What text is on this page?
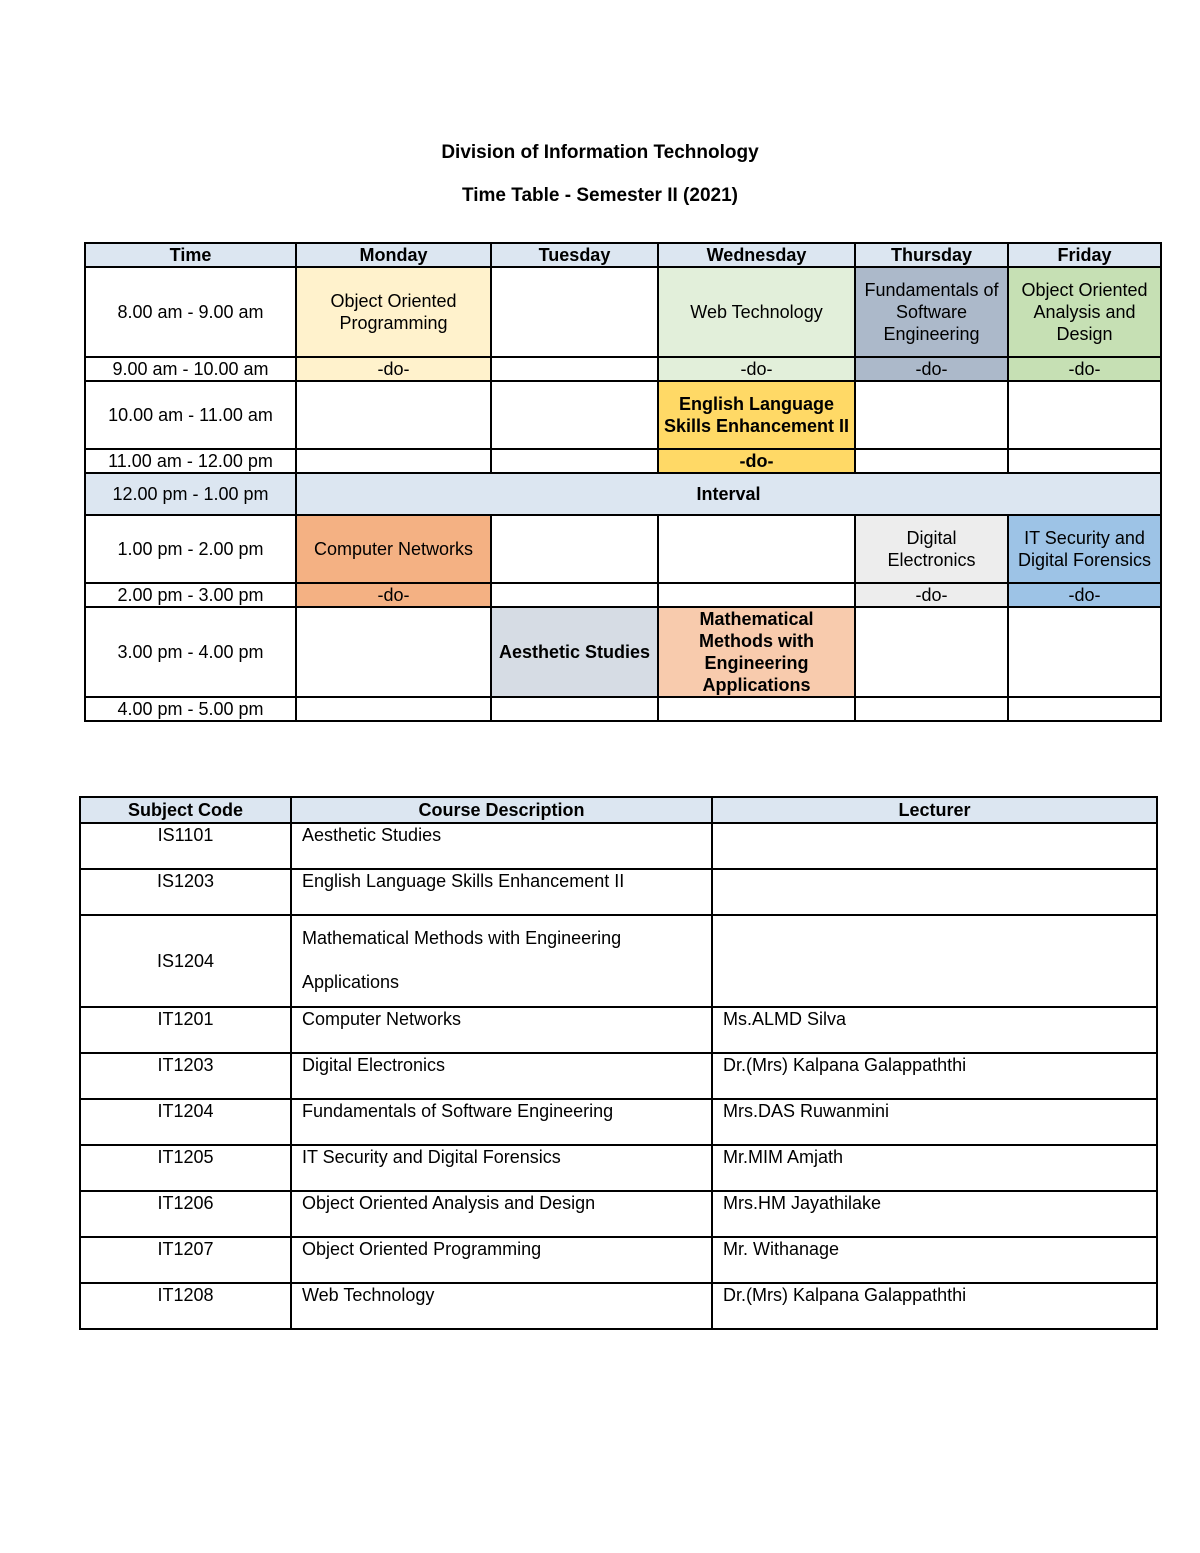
Division of Information Technology
Time Table - Semester II (2021)
Time	Monday	Tuesday	Wednesday	Thursday	Friday
8.00 am - 9.00 am	Object Oriented Programming		Web Technology	Fundamentals of Software Engineering	Object Oriented Analysis and Design
9.00 am - 10.00 am	-do-		-do-	-do-	-do-
10.00 am - 11.00 am			English Language Skills Enhancement II		
11.00 am - 12.00 pm			-do-		
12.00 pm - 1.00 pm	Interval				
1.00 pm - 2.00 pm	Computer Networks			Digital Electronics	IT Security and Digital Forensics
2.00 pm - 3.00 pm	-do-			-do-	-do-
3.00 pm - 4.00 pm		Aesthetic Studies	Mathematical Methods with Engineering Applications		
4.00 pm - 5.00 pm					
Subject Code	Course Description	Lecturer
IS1101	Aesthetic Studies	
IS1203	English Language Skills Enhancement II	
IS1204	Mathematical Methods with Engineering
Applications	

IT1201	Computer Networks	Ms.ALMD Silva
IT1203	Digital Electronics	Dr.(Mrs) Kalpana Galappaththi
IT1204	Fundamentals of Software Engineering	Mrs.DAS Ruwanmini
IT1205	IT Security and Digital Forensics	Mr.MIM Amjath
IT1206	Object Oriented Analysis and Design	Mrs.HM Jayathilake
IT1207	Object Oriented Programming	Mr. Withanage
IT1208	Web Technology	Dr.(Mrs) Kalpana Galappaththi
